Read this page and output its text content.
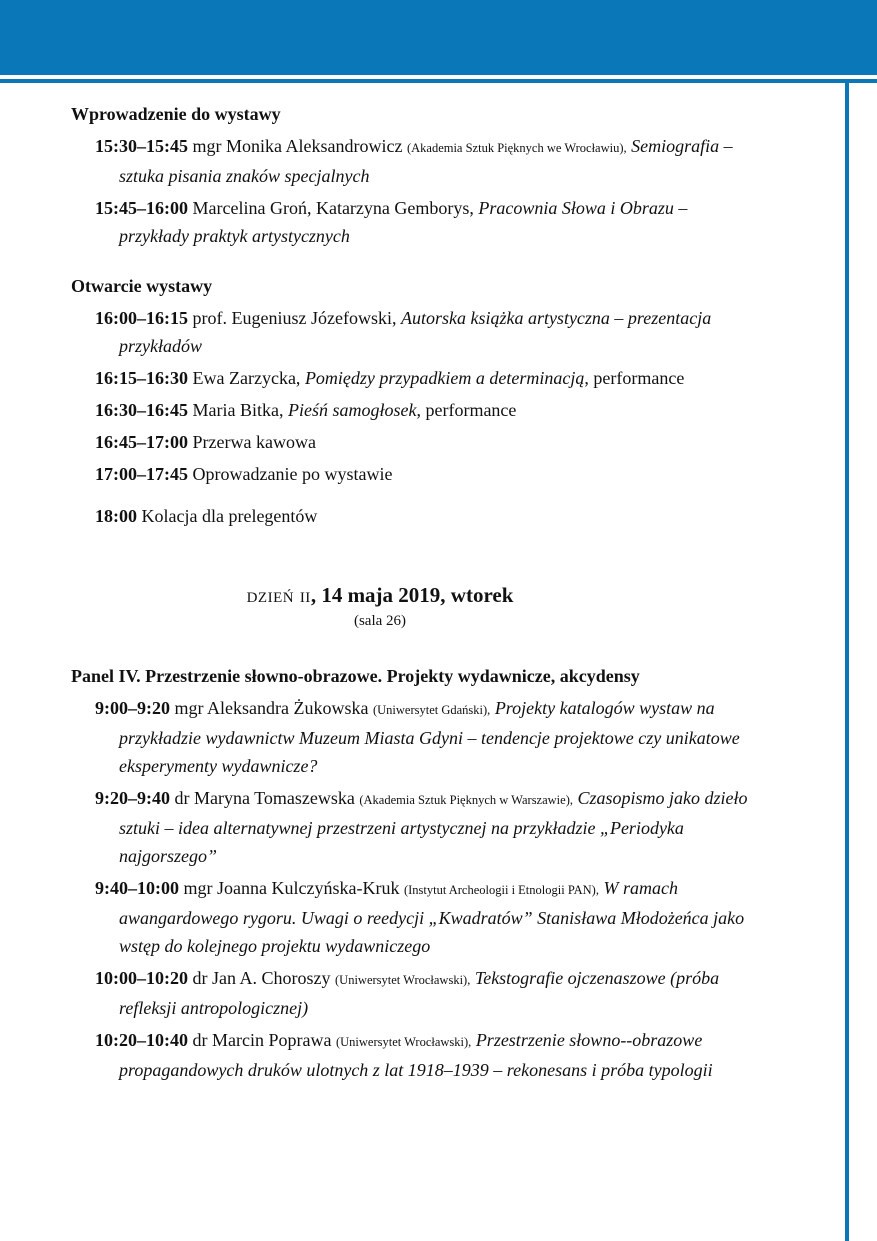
Wprowadzenie do wystawy
15:30–15:45 mgr Monika Aleksandrowicz (Akademia Sztuk Pięknych we Wrocławiu), Semiografia – sztuka pisania znaków specjalnych
15:45–16:00 Marcelina Groń, Katarzyna Gemborys, Pracownia Słowa i Obrazu – przykłady praktyk artystycznych
Otwarcie wystawy
16:00–16:15 prof. Eugeniusz Józefowski, Autorska książka artystyczna – prezentacja przykładów
16:15–16:30 Ewa Zarzycka, Pomiędzy przypadkiem a determinacją, performance
16:30–16:45 Maria Bitka, Pieśń samogłosek, performance
16:45–17:00 Przerwa kawowa
17:00–17:45 Oprowadzanie po wystawie
18:00 Kolacja dla prelegentów
dzień ii, 14 maja 2019, wtorek
(sala 26)
Panel IV. Przestrzenie słowno-obrazowe. Projekty wydawnicze, akcydensy
9:00–9:20 mgr Aleksandra Żukowska (Uniwersytet Gdański), Projekty katalogów wystaw na przykładzie wydawnictw Muzeum Miasta Gdyni – tendencje projektowe czy unikatowe eksperymenty wydawnicze?
9:20–9:40 dr Maryna Tomaszewska (Akademia Sztuk Pięknych w Warszawie), Czasopismo jako dzieło sztuki – idea alternatywnej przestrzeni artystycznej na przykładzie „Periodyka najgorszego”
9:40–10:00 mgr Joanna Kulczyńska-Kruk (Instytut Archeologii i Etnologii PAN), W ramach awangardowego rygoru. Uwagi o reedycji „Kwadratów” Stanisława Młodożeńca jako wstęp do kolejnego projektu wydawniczego
10:00–10:20 dr Jan A. Choroszy (Uniwersytet Wrocławski), Tekstografie ojczenaszowe (próba refleksji antropologicznej)
10:20–10:40 dr Marcin Poprawa (Uniwersytet Wrocławski), Przestrzenie słowno--obrazowe propagandowych druków ulotnych z lat 1918–1939 – rekonesans i próba typologii
